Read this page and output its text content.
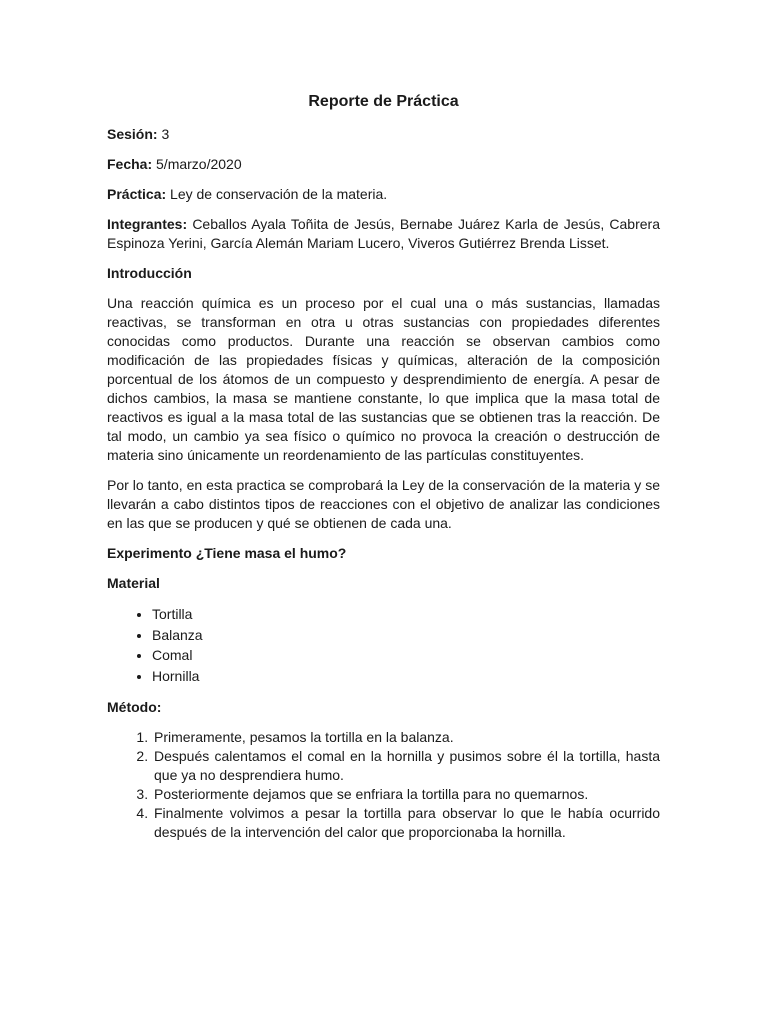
Reporte de Práctica

Sesión: 3

Fecha: 5/marzo/2020

Práctica: Ley de conservación de la materia.

Integrantes: Ceballos Ayala Toñita de Jesús, Bernabe Juárez Karla de Jesús, Cabrera Espinoza Yerini, García Alemán Mariam Lucero, Viveros Gutiérrez Brenda Lisset.

Introducción

Una reacción química es un proceso por el cual una o más sustancias, llamadas reactivas, se transforman en otra u otras sustancias con propiedades diferentes conocidas como productos. Durante una reacción se observan cambios como modificación de las propiedades físicas y químicas, alteración de la composición porcentual de los átomos de un compuesto y desprendimiento de energía. A pesar de dichos cambios, la masa se mantiene constante, lo que implica que la masa total de reactivos es igual a la masa total de las sustancias que se obtienen tras la reacción. De tal modo, un cambio ya sea físico o químico no provoca la creación o destrucción de materia sino únicamente un reordenamiento de las partículas constituyentes.

Por lo tanto, en esta practica se comprobará la Ley de la conservación de la materia y se llevarán a cabo distintos tipos de reacciones con el objetivo de analizar las condiciones en las que se producen y qué se obtienen de cada una.

Experimento ¿Tiene masa el humo?
Material
• Tortilla
• Balanza
• Comal
• Hornilla
Método:
1. Primeramente, pesamos la tortilla en la balanza.
2. Después calentamos el comal en la hornilla y pusimos sobre él la tortilla, hasta que ya no desprendiera humo.
3. Posteriormente dejamos que se enfriara la tortilla para no quemarnos.
4. Finalmente volvimos a pesar la tortilla para observar lo que le había ocurrido después de la intervención del calor que proporcionaba la hornilla.
